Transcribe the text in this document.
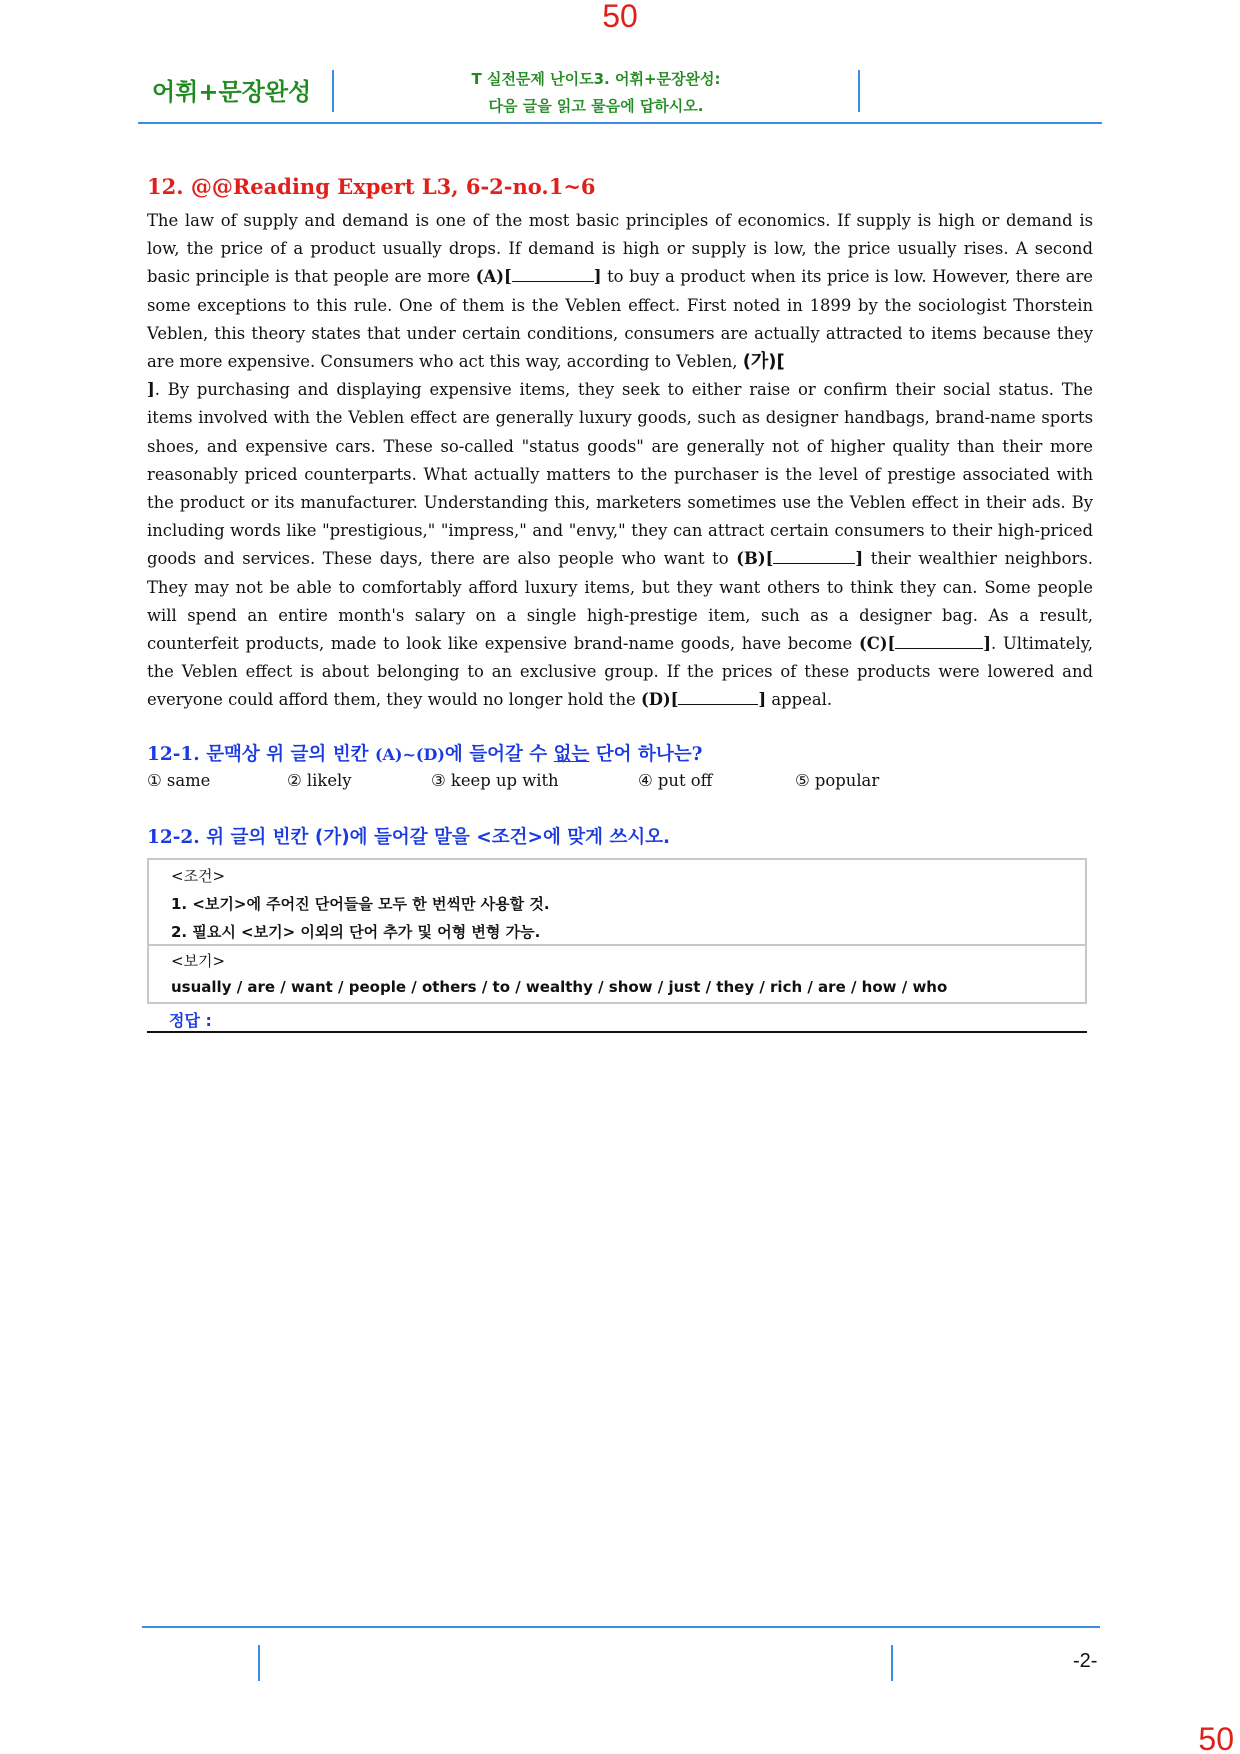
50
어휘+문장완성	T 실전문제 난이도3. 어휘+문장완성:
다음 글을 읽고 물음에 답하시오.
12. @@Reading Expert L3, 6-2-no.1~6
The law of supply and demand is one of the most basic principles of economics. If supply is high or demand is low, the price of a product usually drops. If demand is high or supply is low, the price usually rises. A second basic principle is that people are more (A)[	] to buy a product when its price is low. However, there are some exceptions to this rule. One of them is the Veblen effect. First noted in 1899 by the sociologist Thorstein Veblen, this theory states that under certain conditions, consumers are actually attracted to items because they are more expensive. Consumers who act this way, according to Veblen, (가)[
]. By purchasing and displaying expensive items, they seek to either raise or confirm their social status. The items involved with the Veblen effect are generally luxury goods, such as designer handbags, brand-name sports shoes, and expensive cars. These so-called "status goods" are generally not of higher quality than their more reasonably priced counterparts. What actually matters to the purchaser is the level of prestige associated with the product or its manufacturer. Understanding this, marketers sometimes use the Veblen effect in their ads. By including words like "prestigious," "impress," and "envy," they can attract certain consumers to their high-priced goods and services. These days, there are also people who want to (B)[	] their wealthier neighbors. They may not be able to comfortably afford luxury items, but they want others to think they can. Some people will spend an entire month's salary on a single high-prestige item, such as a designer bag. As a result, counterfeit products, made to look like expensive brand-name goods, have become (C)[	]. Ultimately, the Veblen effect is about belonging to an exclusive group. If the prices of these products were lowered and everyone could afford them, they would no longer hold the (D)[	] appeal.
12-1. 문맥상 위 글의 빈칸 (A)~(D)에 들어갈 수 없는 단어 하나는?
① same	② likely	③ keep up with	④ put off	⑤ popular
12-2. 위 글의 빈칸 (가)에 들어갈 말을 <조건>에 맞게 쓰시오.
<조건>
1. <보기>에 주어진 단어들을 모두 한 번씩만 사용할 것.
2. 필요시 <보기> 이외의 단어 추가 및 어형 변형 가능.
<보기>
usually / are / want / people / others / to / wealthy / show / just / they / rich / are / how / who
정답 :
-2-
50
